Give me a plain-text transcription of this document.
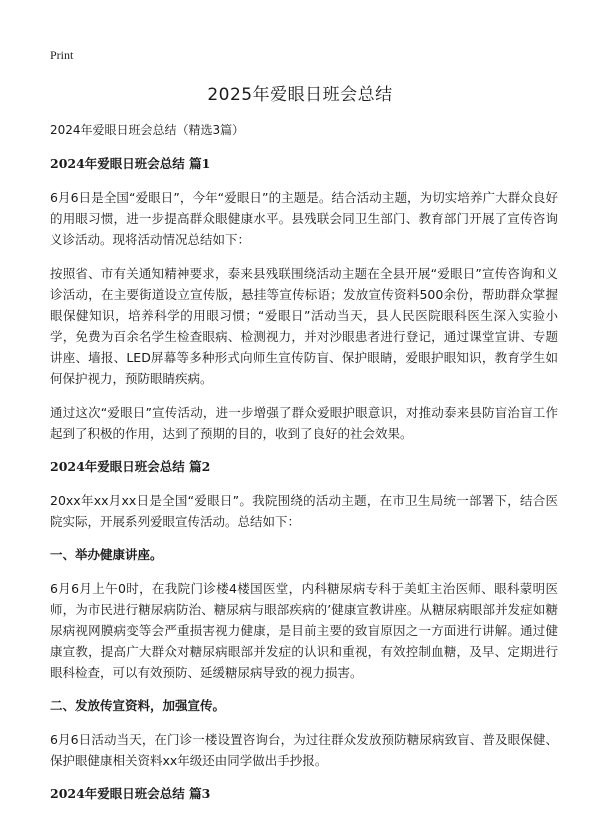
Print
2025年爱眼日班会总结

2024年爱眼日班会总结（精选3篇）

2024年爱眼日班会总结 篇1

6月6日是全国“爱眼日”，今年“爱眼日”的主题是。结合活动主题，为切实培养广大群众良好的用眼习惯，进一步提高群众眼健康水平。县残联会同卫生部门、教育部门开展了宣传咨询义诊活动。现将活动情况总结如下：

按照省、市有关通知精神要求，泰来县残联围绕活动主题在全县开展“爱眼日”宣传咨询和义诊活动，在主要街道设立宣传版，悬挂等宣传标语；发放宣传资料500余份，帮助群众掌握眼保健知识，培养科学的用眼习惯；“爱眼日”活动当天，县人民医院眼科医生深入实验小学，免费为百余名学生检查眼病、检测视力，并对沙眼患者进行登记，通过课堂宣讲、专题讲座、墙报、LED屏幕等多种形式向师生宣传防盲、保护眼睛，爱眼护眼知识，教育学生如何保护视力，预防眼睛疾病。

通过这次“爱眼日”宣传活动，进一步增强了群众爱眼护眼意识，对推动泰来县防盲治盲工作起到了积极的作用，达到了预期的目的，收到了良好的社会效果。

2024年爱眼日班会总结 篇2

20xx年xx月xx日是全国“爱眼日”。我院围绕的活动主题，在市卫生局统一部署下，结合医院实际，开展系列爱眼宣传活动。总结如下：

一、举办健康讲座。

6月6月上午0时，在我院门诊楼4楼国医堂，内科糖尿病专科于美虹主治医师、眼科蒙明医师，为市民进行糖尿病防治、糖尿病与眼部疾病的’健康宣教讲座。从糖尿病眼部并发症如糖尿病视网膜病变等会严重损害视力健康，是目前主要的致盲原因之一方面进行讲解。通过健康宣教，提高广大群众对糖尿病眼部并发症的认识和重视，有效控制血糖，及早、定期进行眼科检查，可以有效预防、延缓糖尿病导致的视力损害。

二、发放传宣资料，加强宣传。

6月6日活动当天，在门诊一楼设置咨询台，为过往群众发放预防糖尿病致盲、普及眼保健、保护眼健康相关资料xx年级还由同学做出手抄报。

2024年爱眼日班会总结 篇3
